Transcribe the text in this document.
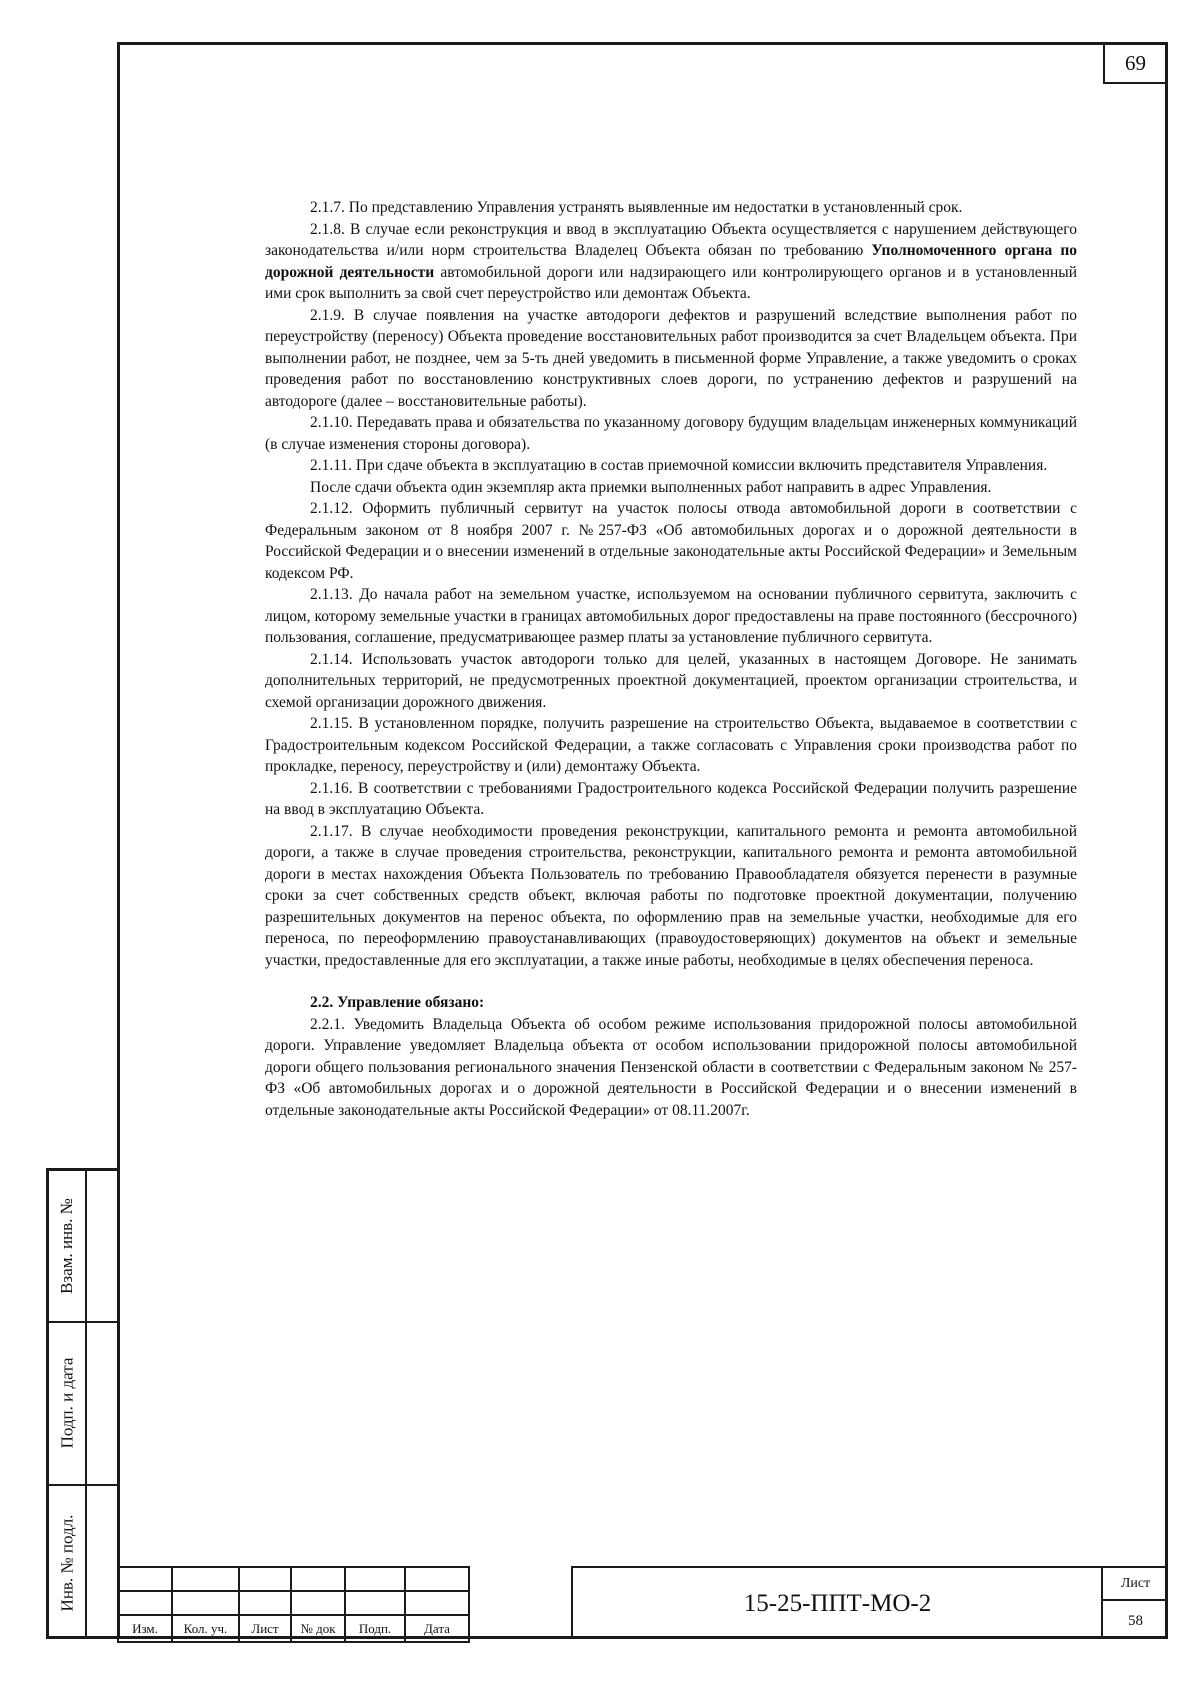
69
Взам. инв. №
Подп. и дата
Инв. № подл.

2.1.7. По представлению Управления устранять выявленные им недостатки в установленный срок.

2.1.8. В случае если реконструкция и ввод в эксплуатацию Объекта осуществляется с нарушением действующего законодательства и/или норм строительства Владелец Объекта обязан по требованию Уполномоченного органа по дорожной деятельности автомобильной дороги или надзирающего или контролирующего органов и в установленный ими срок выполнить за свой счет переустройство или демонтаж Объекта.

2.1.9. В случае появления на участке автодороги дефектов и разрушений вследствие выполнения работ по переустройству (переносу) Объекта проведение восстановительных работ производится за счет Владельцем объекта. При выполнении работ, не позднее, чем за 5-ть дней уведомить в письменной форме Управление, а также уведомить о сроках проведения работ по восстановлению конструктивных слоев дороги, по устранению дефектов и разрушений на автодороге (далее – восстановительные работы).

2.1.10. Передавать права и обязательства по указанному договору будущим владельцам инженерных коммуникаций (в случае изменения стороны договора).

2.1.11. При сдаче объекта в эксплуатацию в состав приемочной комиссии включить представителя Управления.

После сдачи объекта один экземпляр акта приемки выполненных работ направить в адрес Управления.

2.1.12. Оформить публичный сервитут на участок полосы отвода автомобильной дороги в соответствии с Федеральным законом от 8 ноября 2007 г. №257-ФЗ «Об автомобильных дорогах и о дорожной деятельности в Российской Федерации и о внесении изменений в отдельные законодательные акты Российской Федерации» и Земельным кодексом РФ.

2.1.13. До начала работ на земельном участке, используемом на основании публичного сервитута, заключить с лицом, которому земельные участки в границах автомобильных дорог предоставлены на праве постоянного (бессрочного) пользования, соглашение, предусматривающее размер платы за установление публичного сервитута.

2.1.14. Использовать участок автодороги только для целей, указанных в настоящем Договоре. Не занимать дополнительных территорий, не предусмотренных проектной документацией, проектом организации строительства, и схемой организации дорожного движения.

2.1.15. В установленном порядке, получить разрешение на строительство Объекта, выдаваемое в соответствии с Градостроительным кодексом Российской Федерации, а также согласовать с Управления сроки производства работ по прокладке, переносу, переустройству и (или) демонтажу Объекта.

2.1.16. В соответствии с требованиями Градостроительного кодекса Российской Федерации получить разрешение на ввод в эксплуатацию Объекта.

2.1.17. В случае необходимости проведения реконструкции, капитального ремонта и ремонта автомобильной дороги, а также в случае проведения строительства, реконструкции, капитального ремонта и ремонта автомобильной дороги в местах нахождения Объекта Пользователь по требованию Правообладателя обязуется перенести в разумные сроки за счет собственных средств объект, включая работы по подготовке проектной документации, получению разрешительных документов на перенос объекта, по оформлению прав на земельные участки, необходимые для его переноса, по переоформлению правоустанавливающих (правоудостоверяющих) документов на объект и земельные участки, предоставленные для его эксплуатации, а также иные работы, необходимые в целях обеспечения переноса.

2.2. Управление обязано:

2.2.1. Уведомить Владельца Объекта об особом режиме использования придорожной полосы автомобильной дороги. Управление уведомляет Владельца объекта от особом использовании придорожной полосы автомобильной дороги общего пользования регионального значения Пензенской области в соответствии с Федеральным законом № 257-ФЗ «Об автомобильных дорогах и о дорожной деятельности в Российской Федерации и о внесении изменений в отдельные законодательные акты Российской Федерации» от 08.11.2007г.

Изм.	Кол. уч.	Лист	№ док	Подп.	Дата
15-25-ППТ-МО-2
Лист
58
